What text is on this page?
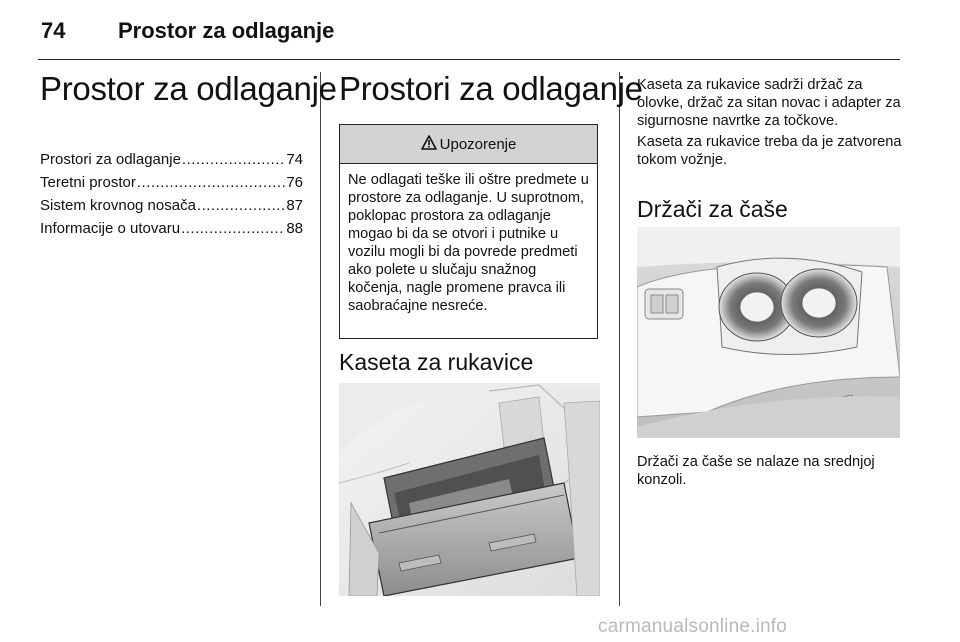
74 Prostor za odlaganje
Prostor za odlaganje
Prostori za odlaganje .....	74
Teretni prostor .....	76
Sistem krovnog nosača .....	87
Informacije o utovaru .....	88
Prostori za odlaganje
Upozorenje
Ne odlagati teške ili oštre predmete u prostore za odlaganje. U suprotnom, poklopac prostora za odlaganje mogao bi da se otvori i putnike u vozilu mogli bi da povrede predmeti ako polete u slučaju snažnog kočenja, nagle promene pravca ili saobraćajne nesreće.
Kaseta za rukavice
Kaseta za rukavice sadrži držač za olovke, držač za sitan novac i adapter za sigurnosne navrtke za točkove.
Kaseta za rukavice treba da je zatvorena tokom vožnje.
Držači za čaše
Držači za čaše se nalaze na srednjoj konzoli.
carmanualsonline.info
